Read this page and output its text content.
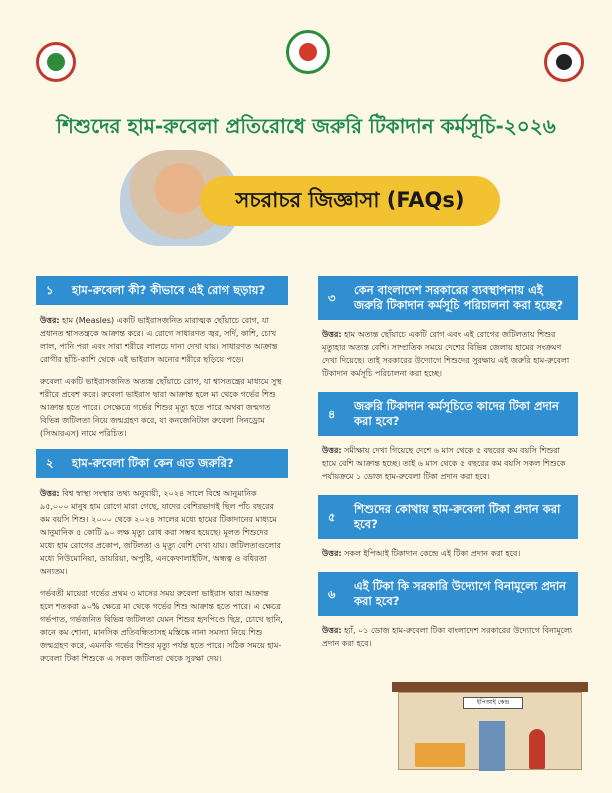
শিশুদের হাম-রুবেলা প্রতিরোধে জরুরি টিকাদান কর্মসূচি-২০২৬
সচরাচর জিজ্ঞাসা (FAQs)
১	হাম-রুবেলা কী? কীভাবে এই রোগ ছড়ায়?

উত্তর: হাম (Measles) একটি ভাইরাসজনিত মারাত্মক ছোঁয়াচে রোগ, যা প্রধানত শ্বাসতন্ত্রকে আক্রান্ত করে। এ রোগে সাধারণত জ্বর, সর্দি, কাশি, চোখ লাল, পানি পরা এবং সারা শরীরে লালচে দানা দেখা যায়। সাধারণত আক্রান্ত রোগীর হাঁচি-কাশি থেকে এই ভাইরাস অন্যের শরীরে ছড়িয়ে পড়ে।

রুবেলা একটি ভাইরাসজনিত অত্যন্ত ছোঁয়াচে রোগ, যা শ্বাসতন্ত্রের মাধ্যমে সুস্থ শরীরে প্রবেশ করে। রুবেলা ভাইরাস দ্বারা আক্রান্ত হলে মা থেকে গর্ভের শিশু আক্রান্ত হতে পারে। সেক্ষেত্রে গর্ভের শিশুর মৃত্যু হতে পারে অথবা জন্মগত বিভিন্ন জটিলতা নিয়ে জন্মগ্রহণ করে, যা কনজেনিটাল রুবেলা সিনড্রোম (সিআরএস) নামে পরিচিত।

২	হাম-রুবেলা টিকা কেন এত জরুরি?

উত্তর: বিশ্ব স্বাস্থ্য সংস্থার তথ্য অনুযায়ী, ২০২৪ সালে বিশ্বে আনুমানিক ৯৫,০০০ মানুষ হাম রোগে মারা গেছে, যাদের বেশিরভাগই ছিল পাঁচ বছরের কম বয়সি শিশু। ২০০০ থেকে ২০২৪ সালের মধ্যে হামের টিকাদানের মাধ্যমে আনুমানিক ৫ কোটি ৯০ লক্ষ মৃত্যু রোধ করা সম্ভব হয়েছে। মূলত শিশুদের মধ্যে হাম রোগের প্রকোপ, জটিলতা ও মৃত্যু বেশি দেখা যায়। জটিলতাগুলোর মধ্যে নিউমোনিয়া, ডায়রিয়া, অপুষ্টি, এনকেফালাইটিস, অন্ধত্ব ও বধিরতা অন্যতম।

গর্ভবতী মায়েরা গর্ভের প্রথম ৩ মাসের সময় রুবেলা ভাইরাস দ্বারা আক্রান্ত হলে শতকরা ৯০% ক্ষেত্রে মা থেকে গর্ভের শিশু আক্রান্ত হতে পারে। এ ক্ষেত্রে গর্ভপাত, গর্ভজনিত বিভিন্ন জটিলতা যেমন শিশুর হৃদপিণ্ডে ছিদ্র, চোখে ছানি, কানে কম শোনা, মানসিক প্রতিবন্ধিতাসহ মস্তিষ্কে নানা সমস্যা নিয়ে শিশু জন্মগ্রহণ করে, এমনকি গর্ভের শিশুর মৃত্যু পর্যন্ত হতে পারে। সঠিক সময়ে হাম-রুবেলা টিকা শিশুকে এ সকল জটিলতা থেকে সুরক্ষা দেয়।

৩
কেন বাংলাদেশ সরকারের ব্যবস্থাপনায় এই জরুরি টিকাদান কর্মসূচি পরিচালনা করা হচ্ছে?

উত্তর: হাম অত্যন্ত ছোঁয়াচে একটি রোগ এবং এই রোগের জটিলতায় শিশুর মৃত্যুহার অত্যন্ত বেশি। সাম্প্রতিক সময়ে দেশের বিভিন্ন জেলায় হামের সংক্রমণ দেখা দিয়েছে। তাই সরকারের উদ্যোগে শিশুদের সুরক্ষায় এই জরুরি হাম-রুবেলা টিকাদান কর্মসূচি পরিচালনা করা হচ্ছে।

৪
জরুরি টিকাদান কর্মসূচিতে কাদের টিকা প্রদান করা হবে?

উত্তর: সমীক্ষায় দেখা গিয়েছে দেশে ৬ মাস থেকে ৫ বছরের কম বয়সি শিশুরা হামে বেশি আক্রান্ত হচ্ছে। তাই ৬ মাস থেকে ৫ বছরের কম বয়সি সকল শিশুকে পর্যায়ক্রমে ১ ডোজ হাম-রুবেলা টিকা প্রদান করা হবে।

৫
শিশুদের কোথায় হাম-রুবেলা টিকা প্রদান করা হবে?

উত্তর: সকল ইপিআই টিকাদান কেন্দ্রে এই টিকা প্রদান করা হবে।

৬
এই টিকা কি সরকারি উদ্যোগে বিনামূল্যে প্রদান করা হবে?

উত্তর: হ্যাঁ, ০১ ডোজ হাম-রুবেলা টিকা বাংলাদেশ সরকারের উদ্যোগে বিনামূল্যে প্রদান করা হবে।

ইপিআই কেন্দ্র
